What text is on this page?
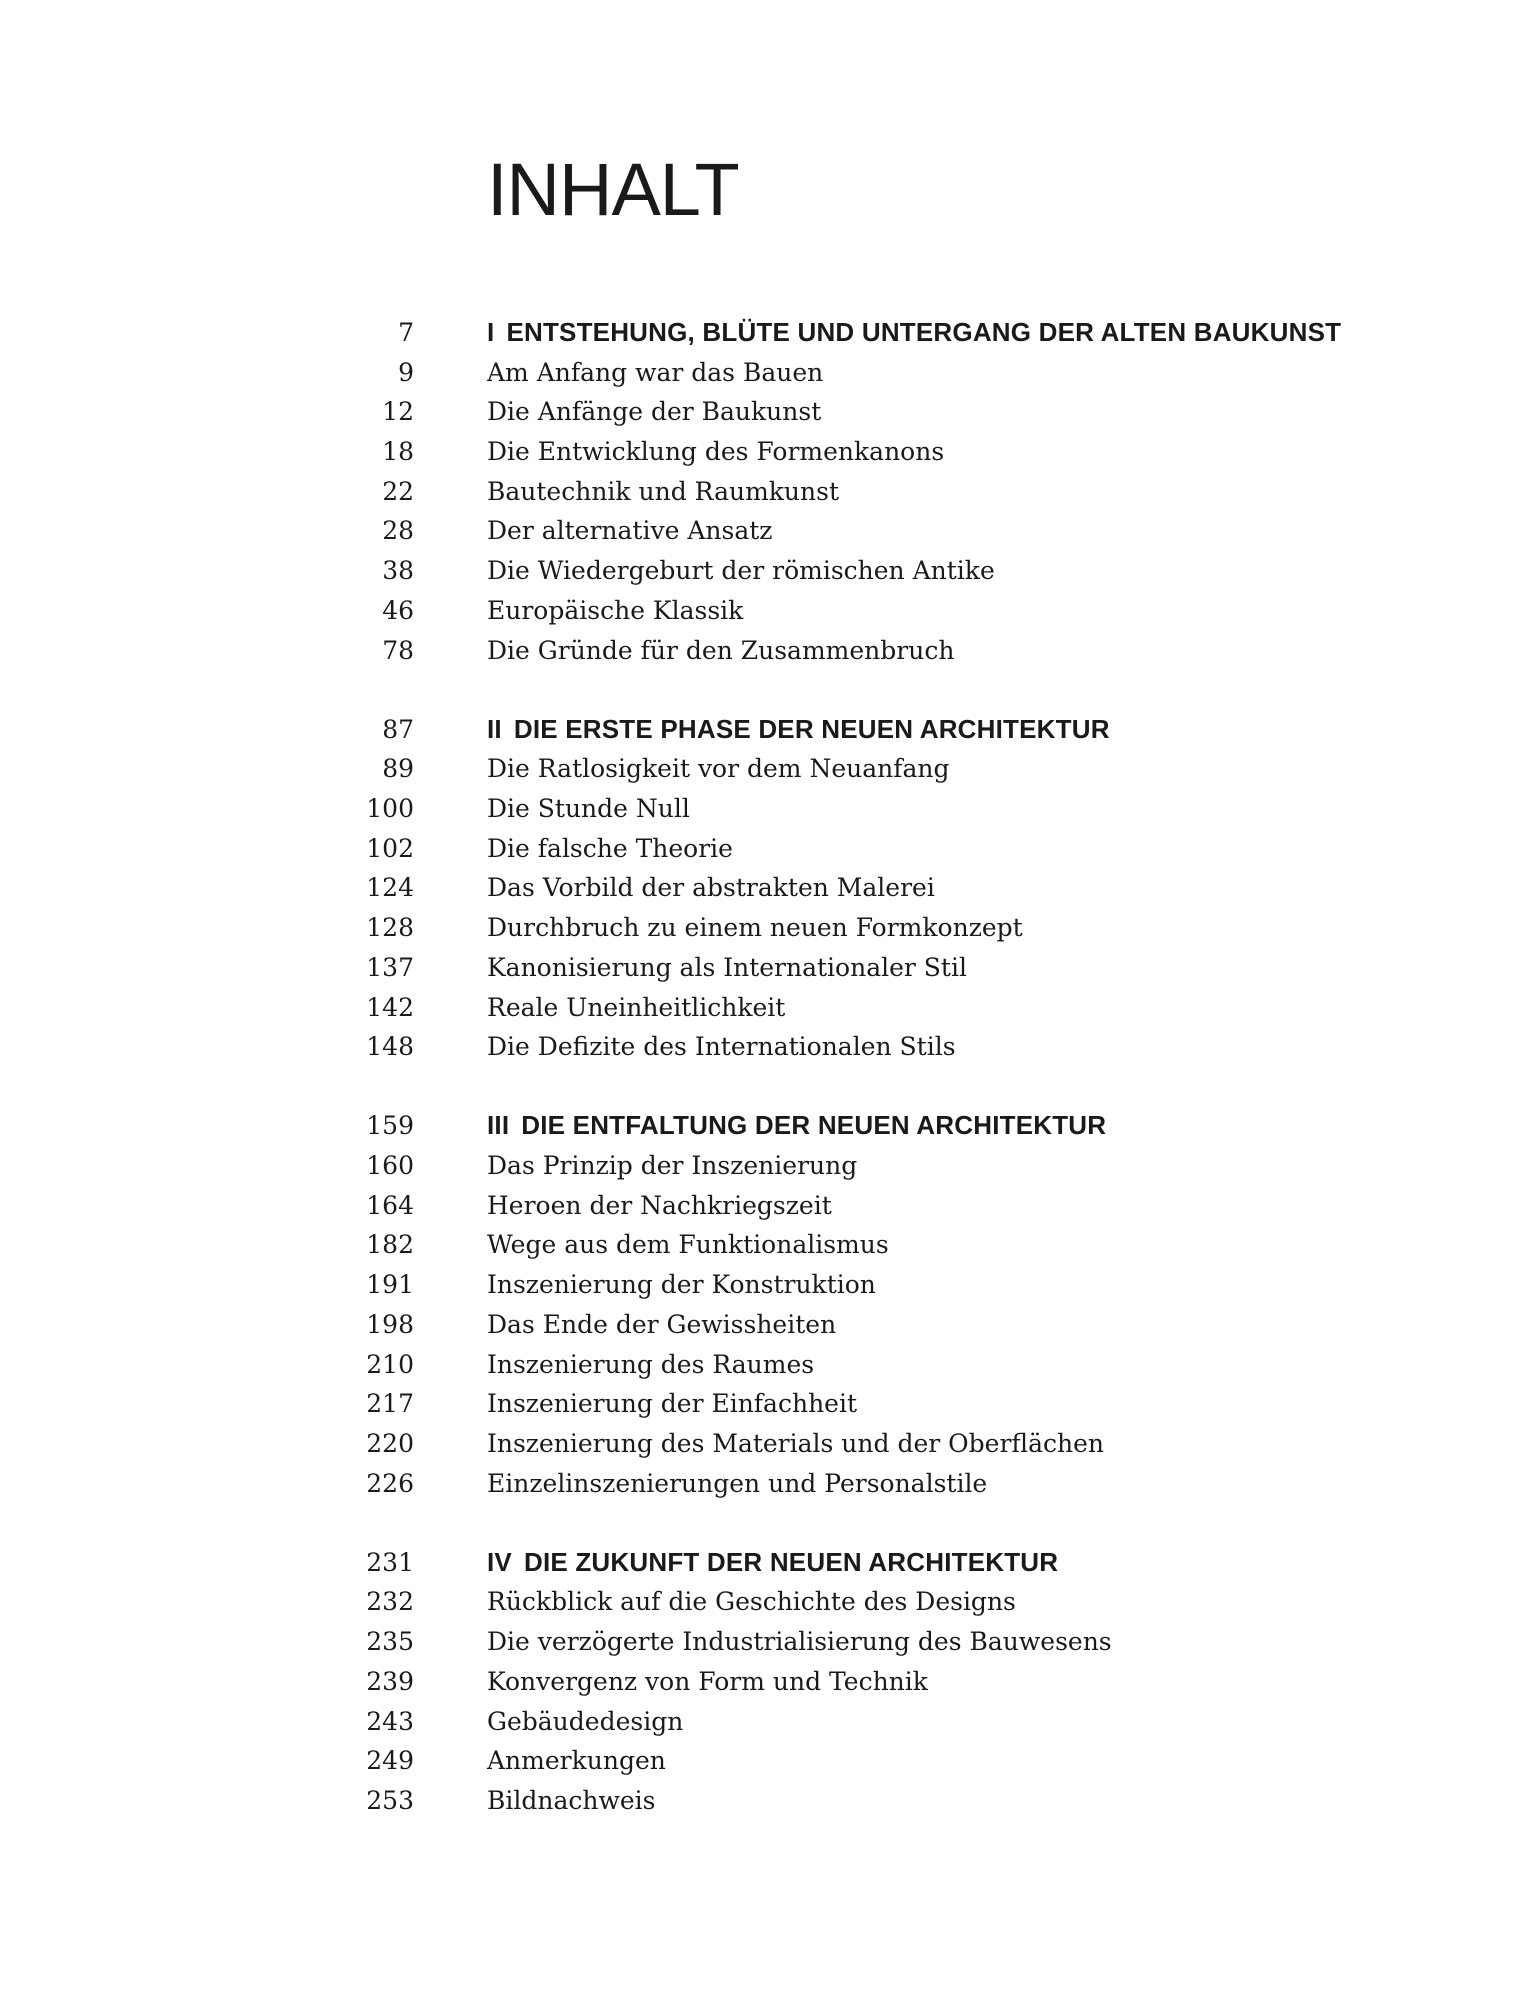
INHALT
7	I ENTSTEHUNG, BLÜTE UND UNTERGANG DER ALTEN BAUKUNST
9	Am Anfang war das Bauen
12	Die Anfänge der Baukunst
18	Die Entwicklung des Formenkanons
22	Bautechnik und Raumkunst
28	Der alternative Ansatz
38	Die Wiedergeburt der römischen Antike
46	Europäische Klassik
78	Die Gründe für den Zusammenbruch
87	II DIE ERSTE PHASE DER NEUEN ARCHITEKTUR
89	Die Ratlosigkeit vor dem Neuanfang
100	Die Stunde Null
102	Die falsche Theorie
124	Das Vorbild der abstrakten Malerei
128	Durchbruch zu einem neuen Formkonzept
137	Kanonisierung als Internationaler Stil
142	Reale Uneinheitlichkeit
148	Die Defizite des Internationalen Stils
159	III DIE ENTFALTUNG DER NEUEN ARCHITEKTUR
160	Das Prinzip der Inszenierung
164	Heroen der Nachkriegszeit
182	Wege aus dem Funktionalismus
191	Inszenierung der Konstruktion
198	Das Ende der Gewissheiten
210	Inszenierung des Raumes
217	Inszenierung der Einfachheit
220	Inszenierung des Materials und der Oberflächen
226	Einzelinszenierungen und Personalstile
231	IV DIE ZUKUNFT DER NEUEN ARCHITEKTUR
232	Rückblick auf die Geschichte des Designs
235	Die verzögerte Industrialisierung des Bauwesens
239	Konvergenz von Form und Technik
243	Gebäudedesign
249	Anmerkungen
253	Bildnachweis
